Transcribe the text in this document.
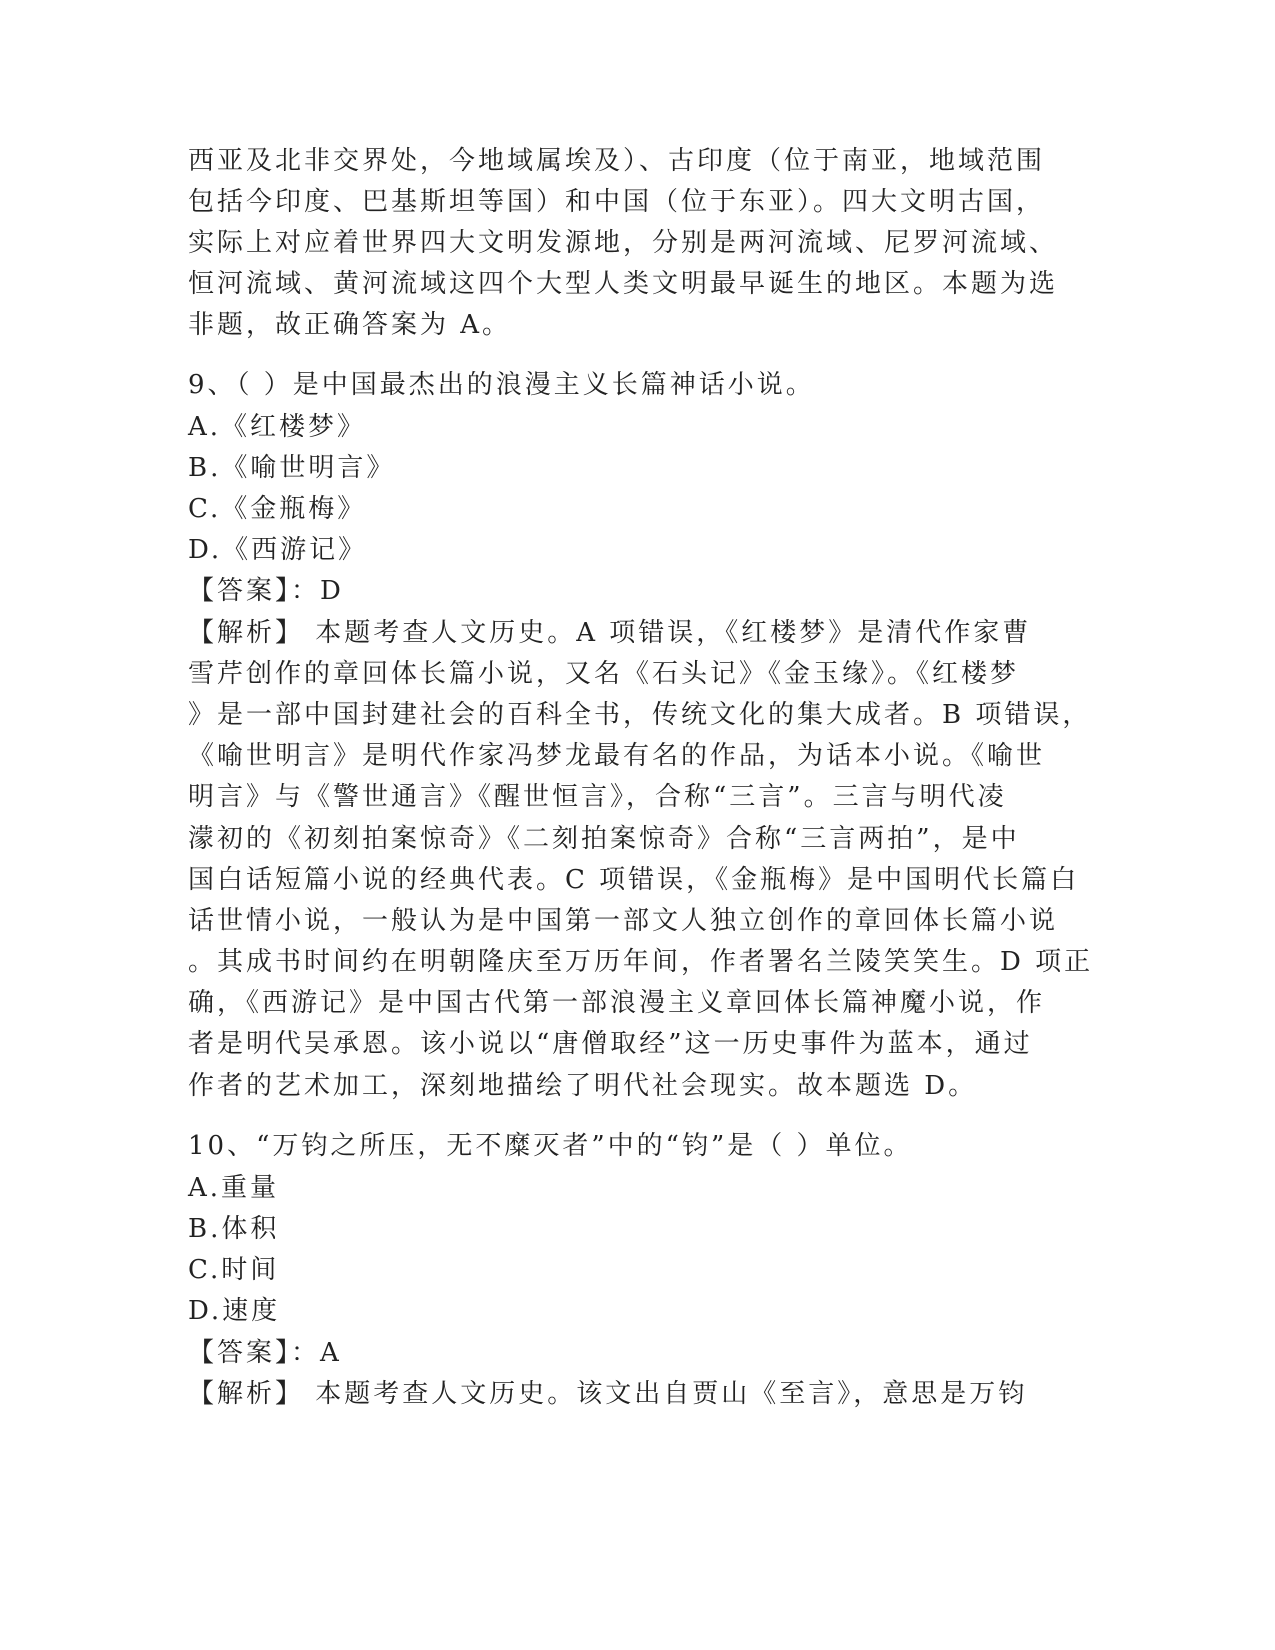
西亚及北非交界处，今地域属埃及）、古印度（位于南亚，地域范围
包括今印度、巴基斯坦等国）和中国（位于东亚）。四大文明古国，
实际上对应着世界四大文明发源地，分别是两河流域、尼罗河流域、
恒河流域、黄河流域这四个大型人类文明最早诞生的地区。本题为选
非题，故正确答案为 A。
9、（ ）是中国最杰出的浪漫主义长篇神话小说。
A.《红楼梦》
B.《喻世明言》
C.《金瓶梅》
D.《西游记》
【答案】：D
【解析】 本题考查人文历史。A 项错误，《红楼梦》是清代作家曹
雪芹创作的章回体长篇小说，又名《石头记》《金玉缘》。《红楼梦
》是一部中国封建社会的百科全书，传统文化的集大成者。B 项错误，
《喻世明言》是明代作家冯梦龙最有名的作品，为话本小说。《喻世
明言》与《警世通言》《醒世恒言》，合称“三言”。三言与明代凌
濛初的《初刻拍案惊奇》《二刻拍案惊奇》合称“三言两拍”，是中
国白话短篇小说的经典代表。C 项错误，《金瓶梅》是中国明代长篇白
话世情小说，一般认为是中国第一部文人独立创作的章回体长篇小说
。其成书时间约在明朝隆庆至万历年间，作者署名兰陵笑笑生。D 项正
确，《西游记》是中国古代第一部浪漫主义章回体长篇神魔小说，作
者是明代吴承恩。该小说以“唐僧取经”这一历史事件为蓝本，通过
作者的艺术加工，深刻地描绘了明代社会现实。故本题选 D。
10、“万钧之所压，无不糜灭者”中的“钧”是（ ）单位。
A.重量
B.体积
C.时间
D.速度
【答案】：A
【解析】 本题考查人文历史。该文出自贾山《至言》，意思是万钧
